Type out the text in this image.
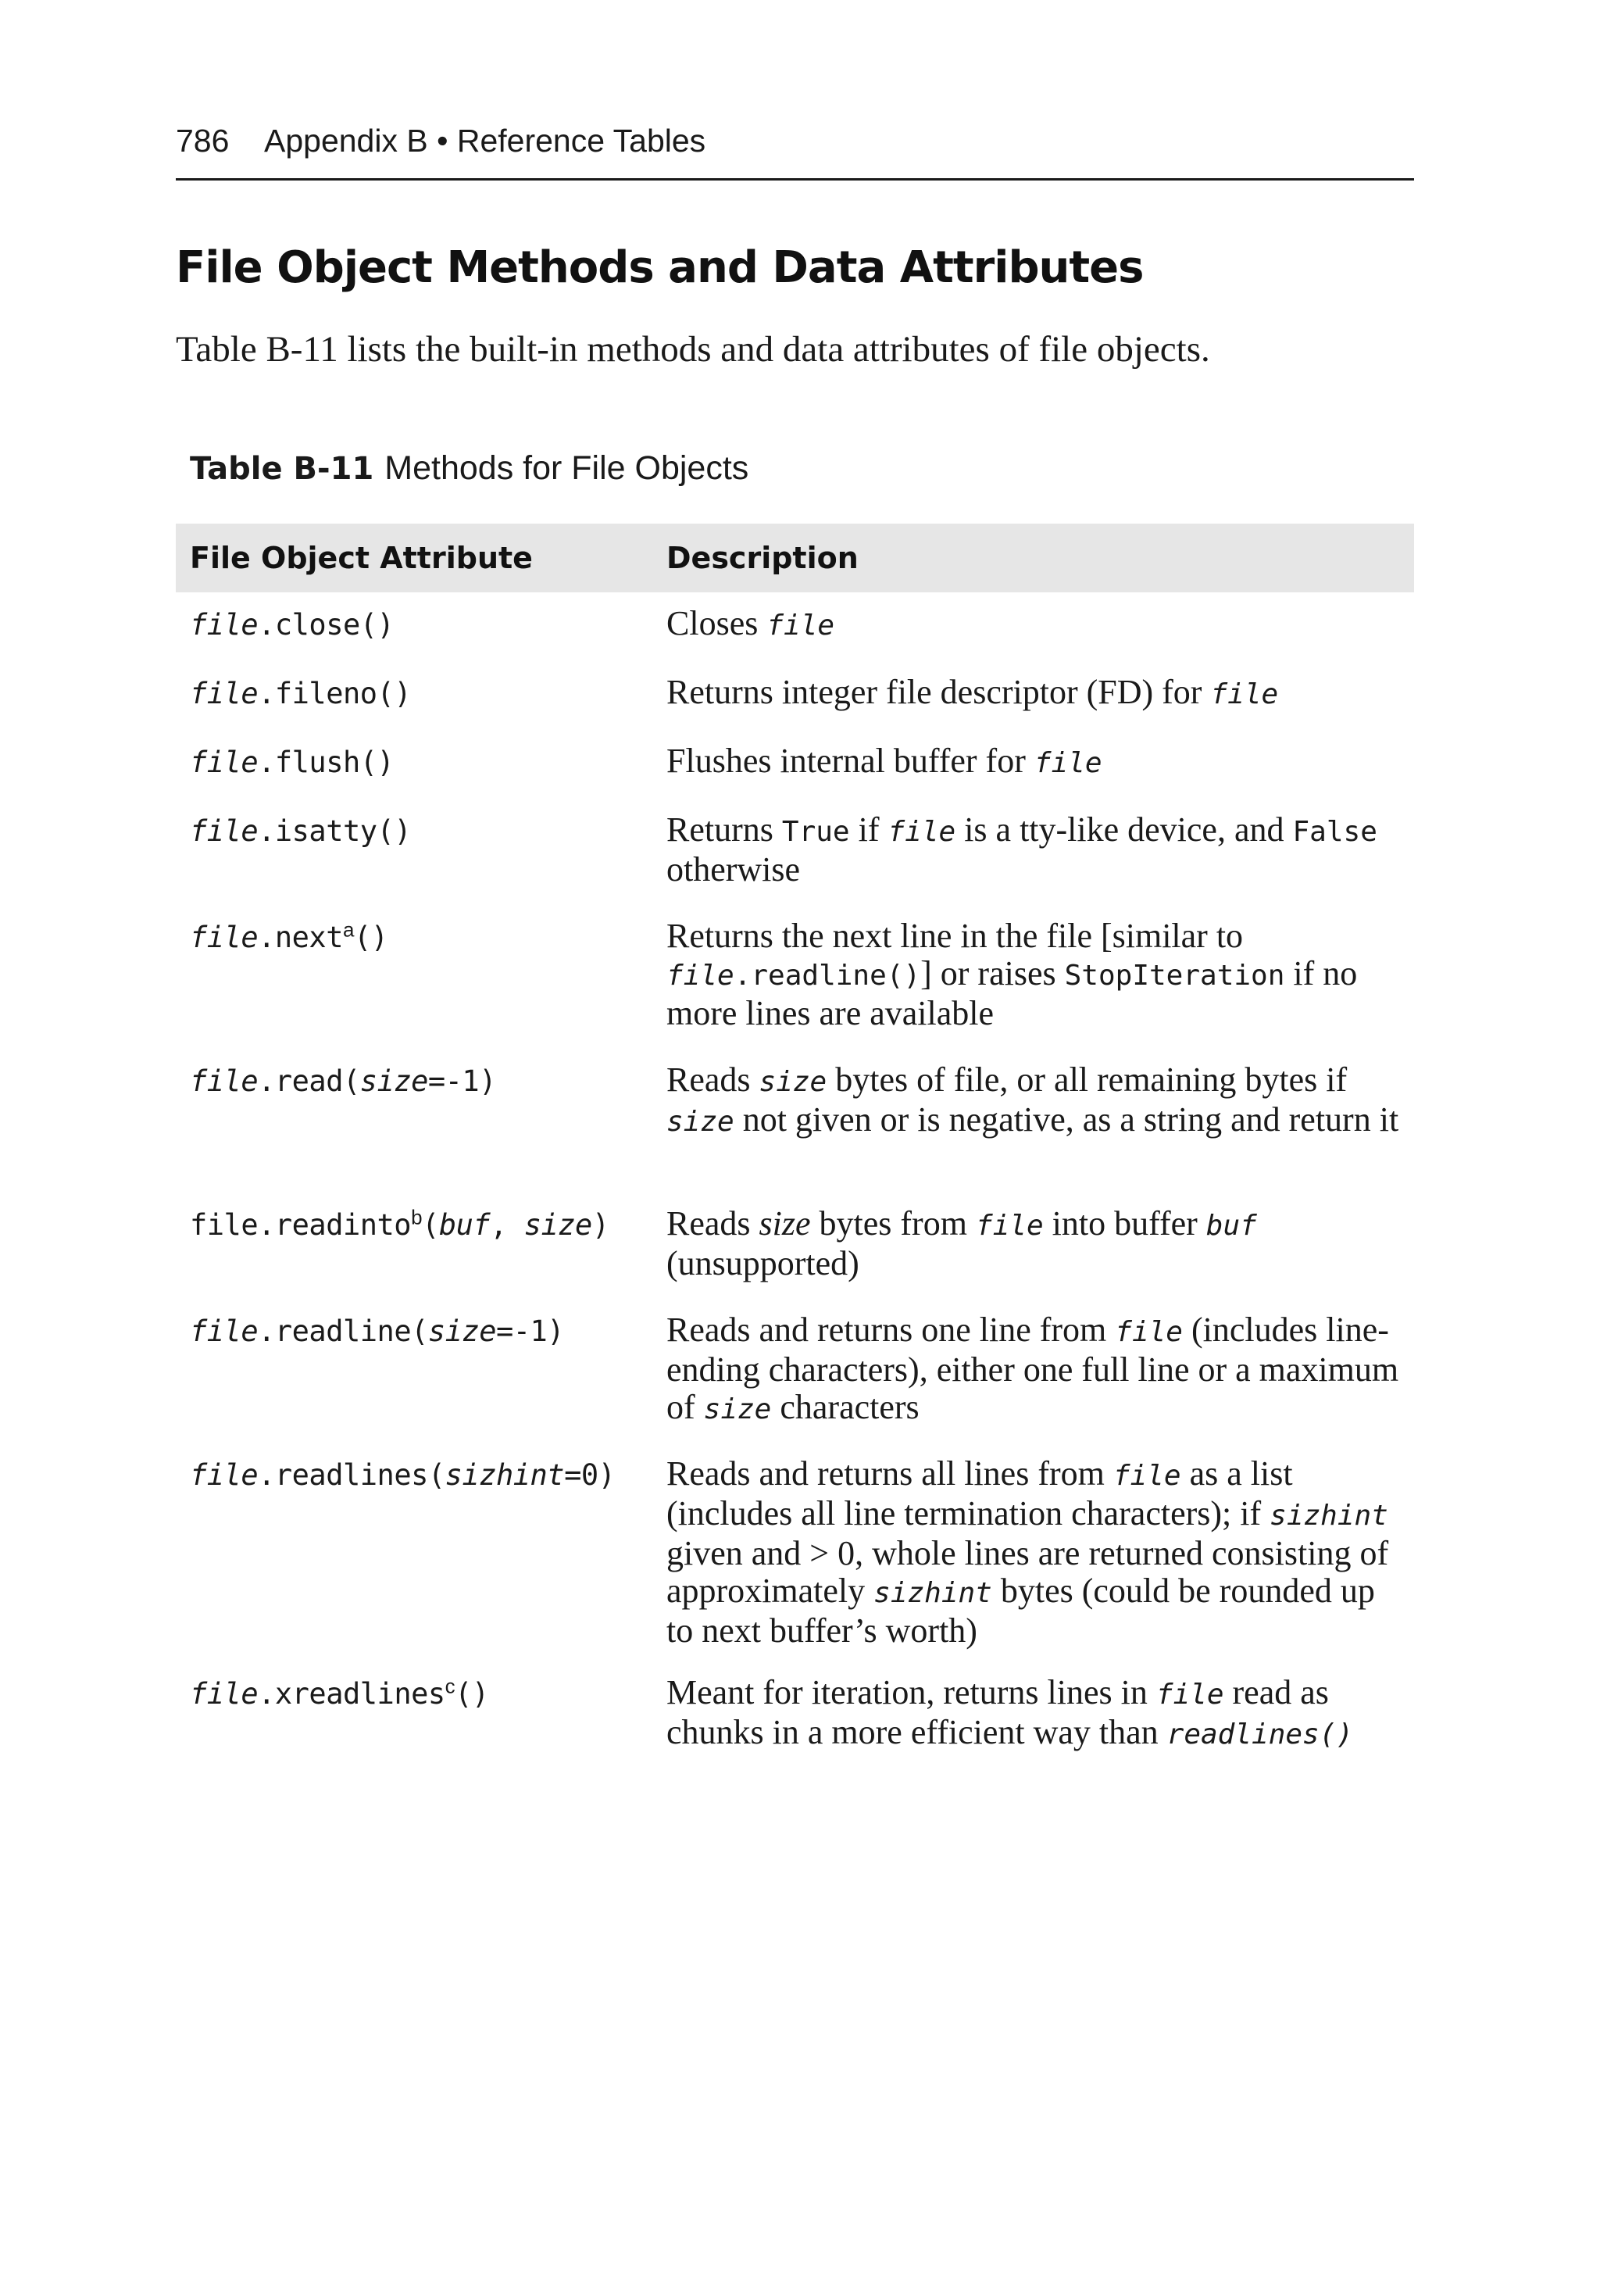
786 Appendix B • Reference Tables
File Object Methods and Data Attributes

Table B-11 lists the built-in methods and data attributes of file objects.

Table B-11 Methods for File Objects
File Object Attribute	Description
file.close()	Closes file
file.fileno()	Returns integer file descriptor (FD) for file
file.flush()	Flushes internal buffer for file
file.isatty()	Returns True if file is a tty-like device, and False otherwise
file.next$^a$()	Returns the next line in the file [similar to file.readline()] or raises StopIteration if no more lines are available
file.read(size=-1)	Reads size bytes of file, or all remaining bytes if size not given or is negative, as a string and return it
file.readinto$^b$(buf, size)	Reads size bytes from file into buffer buf (unsupported)
file.readline(size=-1)	Reads and returns one line from file (includes line-ending characters), either one full line or a maximum of size characters
file.readlines(sizhint=0)	Reads and returns all lines from file as a list (includes all line termination characters); if sizhint given and > 0, whole lines are returned consisting of approximately sizhint bytes (could be rounded up to next buffer’s worth)
file.xreadlines$^c$()	Meant for iteration, returns lines in file read as chunks in a more efficient way than readlines()
